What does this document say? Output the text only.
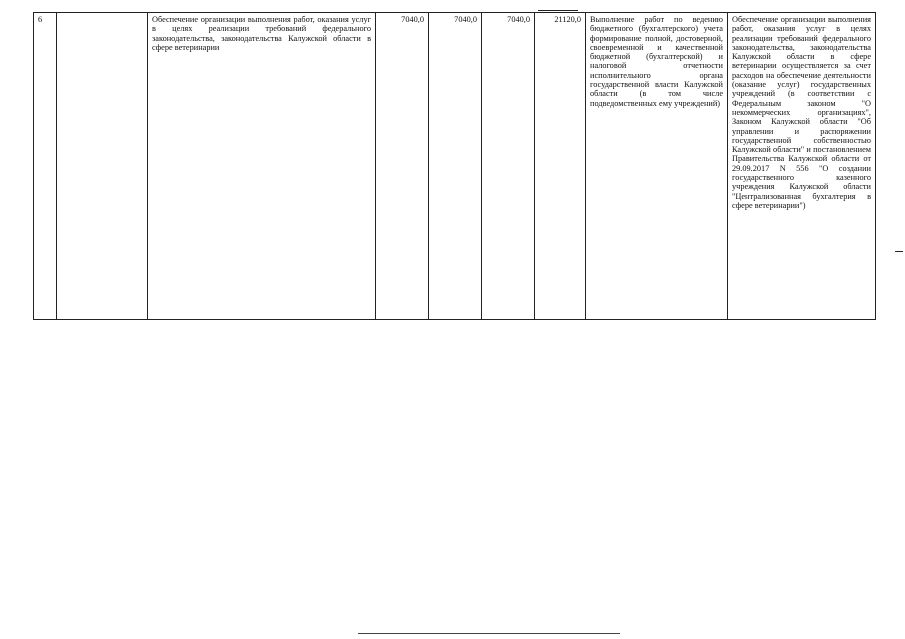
6		Обеспечение организации выполнения работ, оказания услуг в целях реализации требований федерального законодательства, законодательства Калужской области в сфере ветеринарии	7040,0	7040,0	7040,0	21120,0	Выполнение работ по ведению бюджетного (бухгалтерского) учета формирование полной, достоверной, своевременной и качественной бюджетной (бухгалтерской) и налоговой отчетности исполнительного органа государственной власти Калужской области (в том числе подведомственных ему учреждений)	Обеспечение организации выполнения работ, оказания услуг в целях реализации требований федерального законодательства, законодательства Калужской области в сфере ветеринарии осуществляется за счет расходов на обеспечение деятельности (оказание услуг) государственных учреждений (в соответствии с Федеральным законом "О некоммерческих организациях", Законом Калужской области "Об управлении и распоряжении государственной собственностью Калужской области" и постановлением Правительства Калужской области от 29.09.2017 N 556 "О создании государственного казенного учреждения Калужской области "Централизованная бухгалтерия в сфере ветеринарии")
